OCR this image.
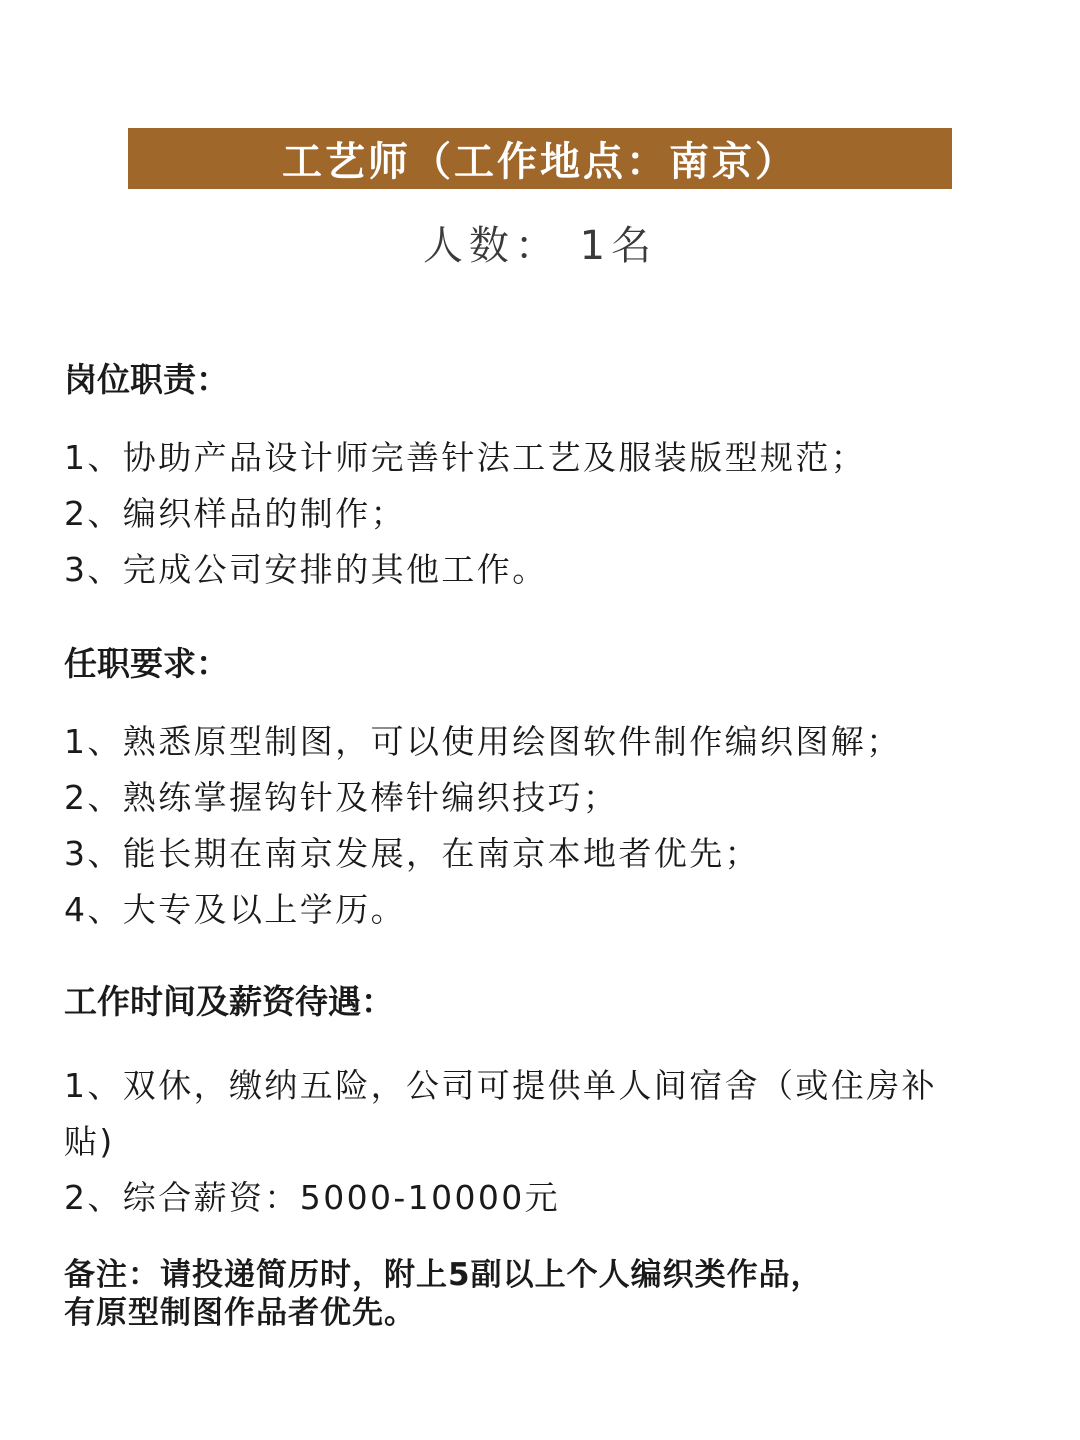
工艺师（工作地点：南京）
人数： 1名
岗位职责：
1、协助产品设计师完善针法工艺及服装版型规范；
2、编织样品的制作；
3、完成公司安排的其他工作。
任职要求：
1、熟悉原型制图，可以使用绘图软件制作编织图解；
2、熟练掌握钩针及棒针编织技巧；
3、能长期在南京发展，在南京本地者优先；
4、大专及以上学历。
工作时间及薪资待遇：
1、双休，缴纳五险，公司可提供单人间宿舍（或住房补贴)
2、综合薪资：5000-10000元
备注：请投递简历时，附上5副以上个人编织类作品，
有原型制图作品者优先。
